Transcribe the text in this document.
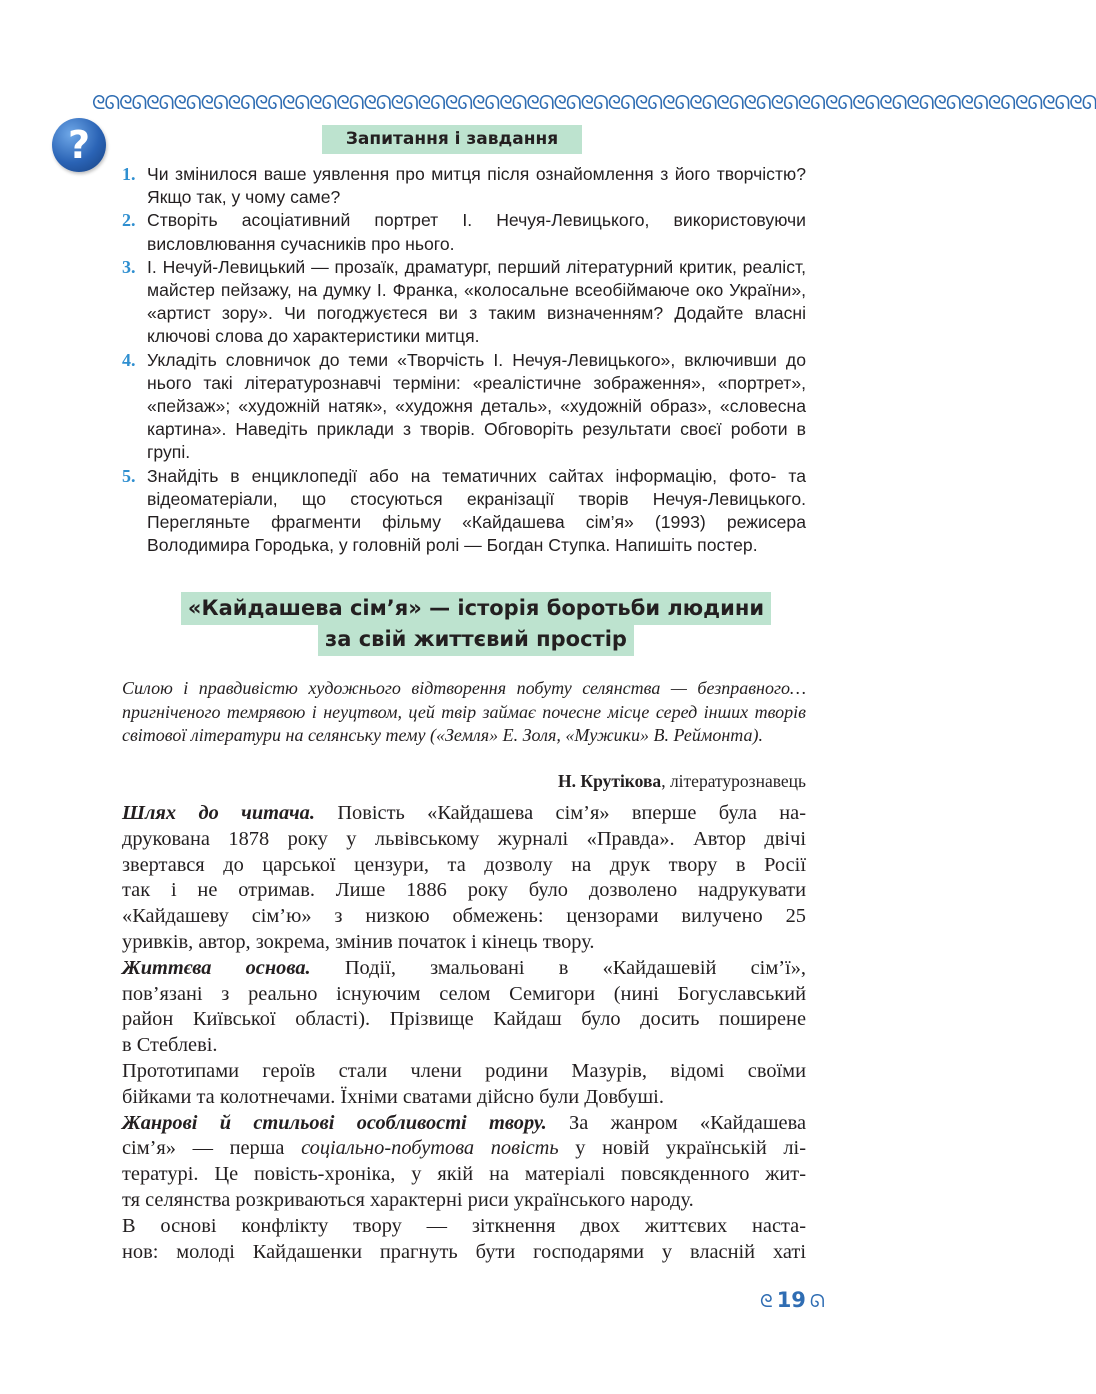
ᘓᘏᘓᘏᘓᘏᘓᘏᘓᘏᘓᘏᘓᘏᘓᘏᘓᘏᘓᘏᘓᘏᘓᘏᘓᘏᘓᘏᘓᘏᘓᘏᘓᘏᘓᘏᘓᘏᘓᘏᘓᘏᘓᘏᘓᘏᘓᘏᘓᘏᘓᘏᘓᘏᘓᘏᘓᘏᘓᘏᘓᘏᘓᘏᘓᘏᘓᘏᘓᘏᘓᘏᘓᘏ
?	Запитання і завдання
1. Чи змінилося ваше уявлення про митця після ознайомлення з його творчістю? Якщо так, у чому саме?
2. Створіть асоціативний портрет І. Нечуя-Левицького, використовуючи висловлювання сучасників про нього.
3. І. Нечуй-Левицький — прозаїк, драматург, перший літературний критик, реаліст, майстер пейзажу, на думку І. Франка, «колосальне всеобіймаюче око України», «артист зору». Чи погоджуєтеся ви з таким визначенням? Додайте власні ключові слова до характеристики митця.
4. Укладіть словничок до теми «Творчість І. Нечуя-Левицького», включивши до нього такі літературознавчі терміни: «реалістичне зображення», «портрет», «пейзаж»; «художній натяк», «художня деталь», «художній образ», «словесна картина». Наведіть приклади з творів. Обговоріть результати своєї роботи в групі.
5. Знайдіть в енциклопедії або на тематичних сайтах інформацію, фото- та відеоматеріали, що стосуються екранізації творів Нечуя-Левицького. Перегляньте фрагменти фільму «Кайдашева сім’я» (1993) режисера Володимира Городька, у головній ролі — Богдан Ступка. Напишіть постер.
«Кайдашева сім’я» — історія боротьби людини
за свій життєвий простір
Силою і правдивістю художнього відтворення побуту селянства — безправного… пригніченого темрявою і неуцтвом, цей твір займає почесне місце серед інших творів світової літератури на селянську тему («Земля» Е. Золя, «Мужики» В. Реймонта).
Н. Крутікова, літературознавець
Шлях до читача. Повість «Кайдашева сім’я» вперше була на-
друкована 1878 року у львівському журналі «Правда». Автор двічі
звертався до царської цензури, та дозволу на друк твору в Росії
так і не отримав. Лише 1886 року було дозволено надрукувати
«Кайдашеву сім’ю» з низкою обмежень: цензорами вилучено 25
уривків, автор, зокрема, змінив початок і кінець твору.
Життєва основа. Події, змальовані в «Кайдашевій сім’ї»,
пов’язані з реально існуючим селом Семигори (нині Богуславський
район Київської області). Прізвище Кайдаш було досить поширене
в Стеблеві.
Прототипами героїв стали члени родини Мазурів, відомі своїми
бійками та колотнечами. Їхніми сватами дійсно були Довбуші.
Жанрові й стильові особливості твору. За жанром «Кайдашева
сім’я» — перша соціально-побутова повість у новій українській лі-
тературі. Це повість-хроніка, у якій на матеріалі повсякденного жит-
тя селянства розкриваються характерні риси українського народу.
В основі конфлікту твору — зіткнення двох життєвих наста-
нов: молоді Кайдашенки прагнуть бути господарями у власній хаті
ᘓ 19 ᘏ
